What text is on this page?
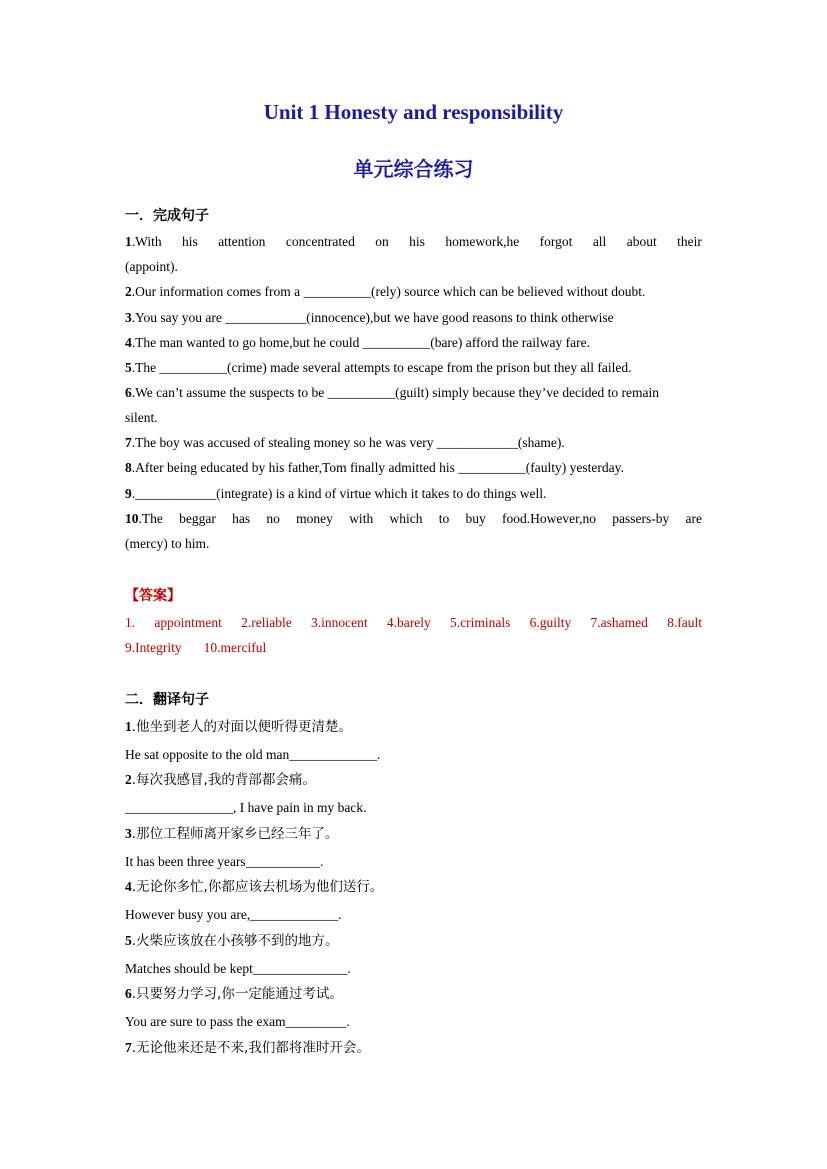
Unit 1 Honesty and responsibility
单元综合练习
一．完成句子
1.With his attention concentrated on his homework,he forgot all about their
(appoint).
2.Our information comes from a __________(rely) source which can be believed without doubt.
3.You say you are ____________(innocence),but we have good reasons to think otherwise
4.The man wanted to go home,but he could __________(bare) afford the railway fare.
5.The __________(crime) made several attempts to escape from the prison but they all failed.
6.We can’t assume the suspects to be __________(guilt) simply because they’ve decided to remain
silent.
7.The boy was accused of stealing money so he was very ____________(shame).
8.After being educated by his father,Tom finally admitted his __________(faulty) yesterday.
9.____________(integrate) is a kind of virtue which it takes to do things well.
10.The beggar has no money with which to buy food.However,no passers-by are
(mercy) to him.
【答案】
1. appointment 2.reliable 3.innocent 4.barely 5.criminals 6.guilty 7.ashamed 8.fault
9.Integrity 10.merciful
二．翻译句子
1.他坐到老人的对面以便听得更清楚。
He sat opposite to the old man_____________.
2.每次我感冒,我的背部都会痛。
________________, I have pain in my back.
3.那位工程师离开家乡已经三年了。
It has been three years___________.
4.无论你多忙,你都应该去机场为他们送行。
However busy you are,_____________.
5.火柴应该放在小孩够不到的地方。
Matches should be kept______________.
6.只要努力学习,你一定能通过考试。
You are sure to pass the exam_________.
7.无论他来还是不来,我们都将准时开会。
